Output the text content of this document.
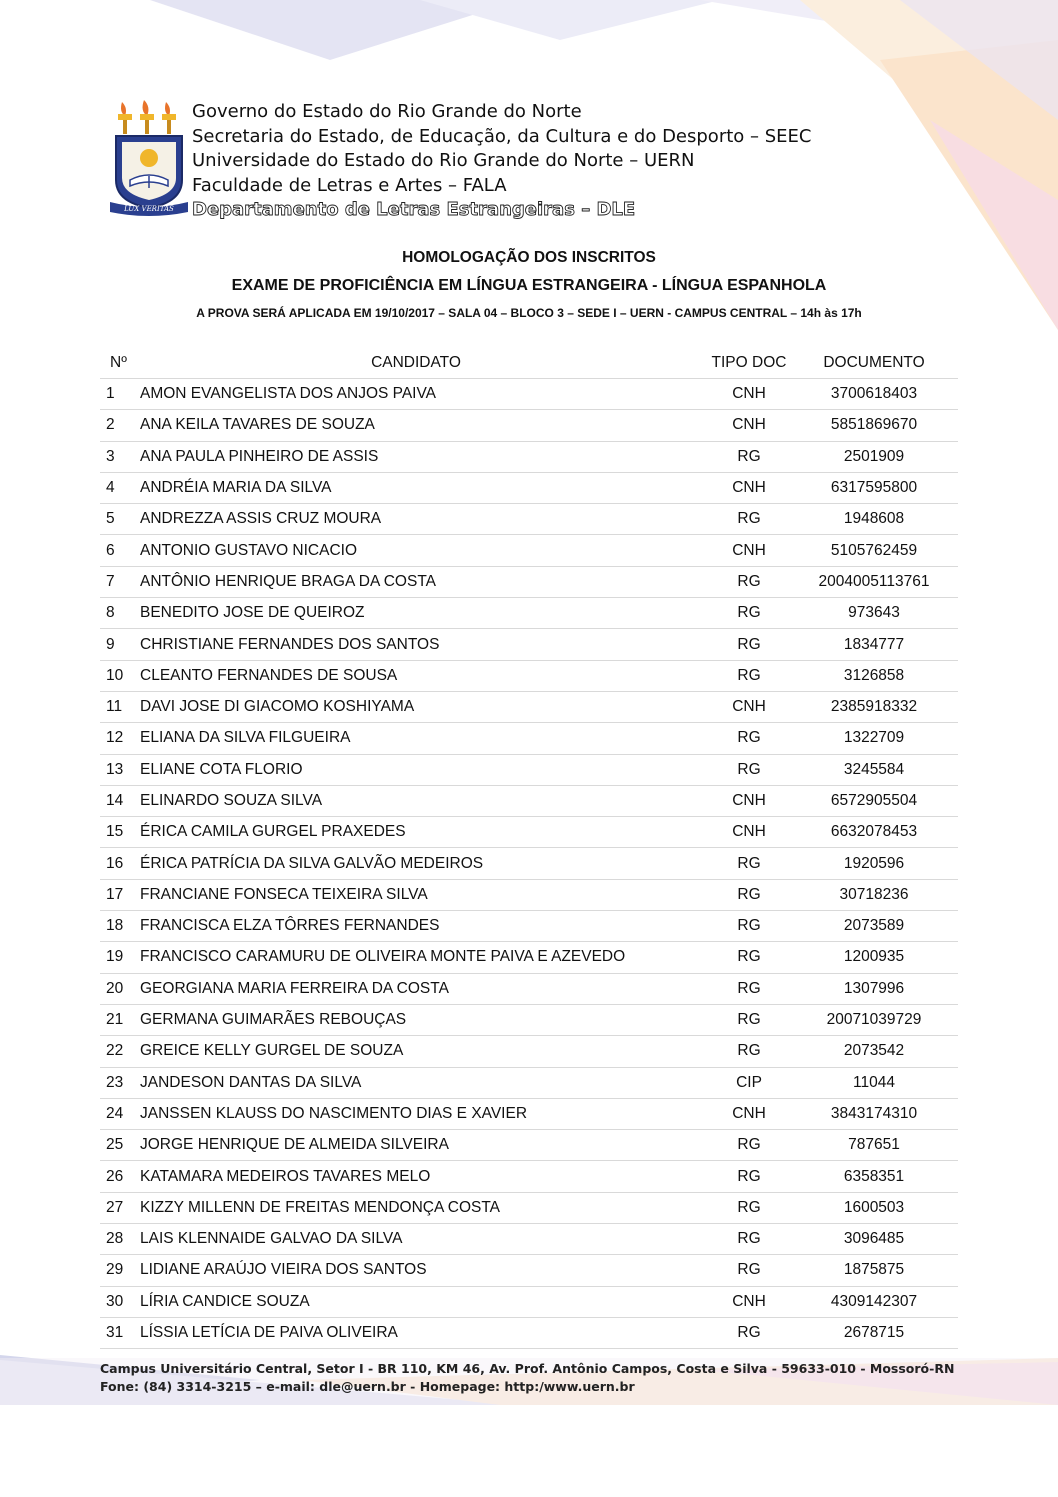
LUX VERITAS
Governo do Estado do Rio Grande do Norte
Secretaria do Estado, de Educação, da Cultura e do Desporto – SEEC
Universidade do Estado do Rio Grande do Norte – UERN
Faculdade de Letras e Artes – FALA
Departamento de Letras Estrangeiras – DLE
HOMOLOGAÇÃO DOS INSCRITOS
EXAME DE PROFICIÊNCIA EM LÍNGUA ESTRANGEIRA - LÍNGUA ESPANHOLA
A PROVA SERÁ APLICADA EM 19/10/2017 – SALA 04 – BLOCO 3 – SEDE I – UERN - CAMPUS CENTRAL – 14h às 17h
Nº	CANDIDATO	TIPO DOC	DOCUMENTO
1	AMON EVANGELISTA DOS ANJOS PAIVA	CNH	3700618403
2	ANA KEILA TAVARES DE SOUZA	CNH	5851869670
3	ANA PAULA PINHEIRO DE ASSIS	RG	2501909
4	ANDRÉIA MARIA DA SILVA	CNH	6317595800
5	ANDREZZA ASSIS CRUZ MOURA	RG	1948608
6	ANTONIO GUSTAVO NICACIO	CNH	5105762459
7	ANTÔNIO HENRIQUE BRAGA DA COSTA	RG	2004005113761
8	BENEDITO JOSE DE QUEIROZ	RG	973643
9	CHRISTIANE FERNANDES DOS SANTOS	RG	1834777
10	CLEANTO FERNANDES DE SOUSA	RG	3126858
11	DAVI JOSE DI GIACOMO KOSHIYAMA	CNH	2385918332
12	ELIANA DA SILVA FILGUEIRA	RG	1322709
13	ELIANE COTA FLORIO	RG	3245584
14	ELINARDO SOUZA SILVA	CNH	6572905504
15	ÉRICA CAMILA GURGEL PRAXEDES	CNH	6632078453
16	ÉRICA PATRÍCIA DA SILVA GALVÃO MEDEIROS	RG	1920596
17	FRANCIANE FONSECA TEIXEIRA SILVA	RG	30718236
18	FRANCISCA ELZA TÔRRES FERNANDES	RG	2073589
19	FRANCISCO CARAMURU DE OLIVEIRA MONTE PAIVA E AZEVEDO	RG	1200935
20	GEORGIANA MARIA FERREIRA DA COSTA	RG	1307996
21	GERMANA GUIMARÃES REBOUÇAS	RG	20071039729
22	GREICE KELLY GURGEL DE SOUZA	RG	2073542
23	JANDESON DANTAS DA SILVA	CIP	11044
24	JANSSEN KLAUSS DO NASCIMENTO DIAS E XAVIER	CNH	3843174310
25	JORGE HENRIQUE DE ALMEIDA SILVEIRA	RG	787651
26	KATAMARA MEDEIROS TAVARES MELO	RG	6358351
27	KIZZY MILLENN DE FREITAS MENDONÇA COSTA	RG	1600503
28	LAIS KLENNAIDE GALVAO DA SILVA	RG	3096485
29	LIDIANE ARAÚJO VIEIRA DOS SANTOS	RG	1875875
30	LÍRIA CANDICE SOUZA	CNH	4309142307
31	LÍSSIA LETÍCIA DE PAIVA OLIVEIRA	RG	2678715
Campus Universitário Central, Setor I - BR 110, KM 46, Av. Prof. Antônio Campos, Costa e Silva - 59633-010 - Mossoró-RN
Fone: (84) 3314-3215 – e-mail: dle@uern.br - Homepage: http:/www.uern.br
